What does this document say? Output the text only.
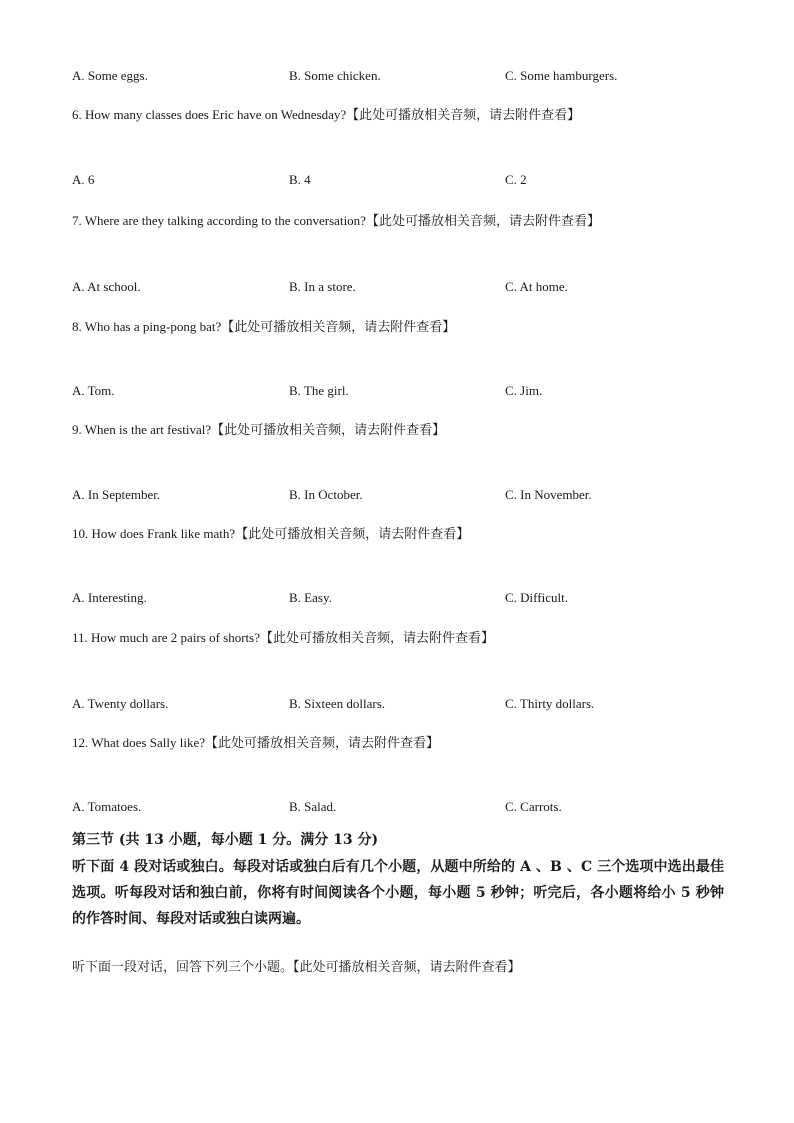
A. Some eggs.	B. Some chicken.	C. Some hamburgers.
6. How many classes does Eric have on Wednesday?【此处可播放相关音频，请去附件查看】
A. 6	B. 4	C. 2
7. Where are they talking according to the conversation?【此处可播放相关音频，请去附件查看】
A. At school.	B. In a store.	C. At home.
8. Who has a ping-pong bat?【此处可播放相关音频，请去附件查看】
A. Tom.	B. The girl.	C. Jim.
9. When is the art festival?【此处可播放相关音频，请去附件查看】
A. In September.	B. In October.	C. In November.
10. How does Frank like math?【此处可播放相关音频，请去附件查看】
A. Interesting.	B. Easy.	C. Difficult.
11. How much are 2 pairs of shorts?【此处可播放相关音频，请去附件查看】
A. Twenty dollars.	B. Sixteen dollars.	C. Thirty dollars.
12. What does Sally like?【此处可播放相关音频，请去附件查看】
A. Tomatoes.	B. Salad.	C. Carrots.
第三节 (共 13 小题，每小题 1 分。满分 13 分)
听下面 4 段对话或独白。每段对话或独白后有几个小题，从题中所给的 A 、B 、C 三个选项中选出最佳选项。听每段对话和独白前，你将有时间阅读各个小题，每小题 5 秒钟；听完后，各小题将给小 5 秒钟的作答时间、每段对话或独白读两遍。
听下面一段对话，回答下列三个小题。【此处可播放相关音频，请去附件查看】
